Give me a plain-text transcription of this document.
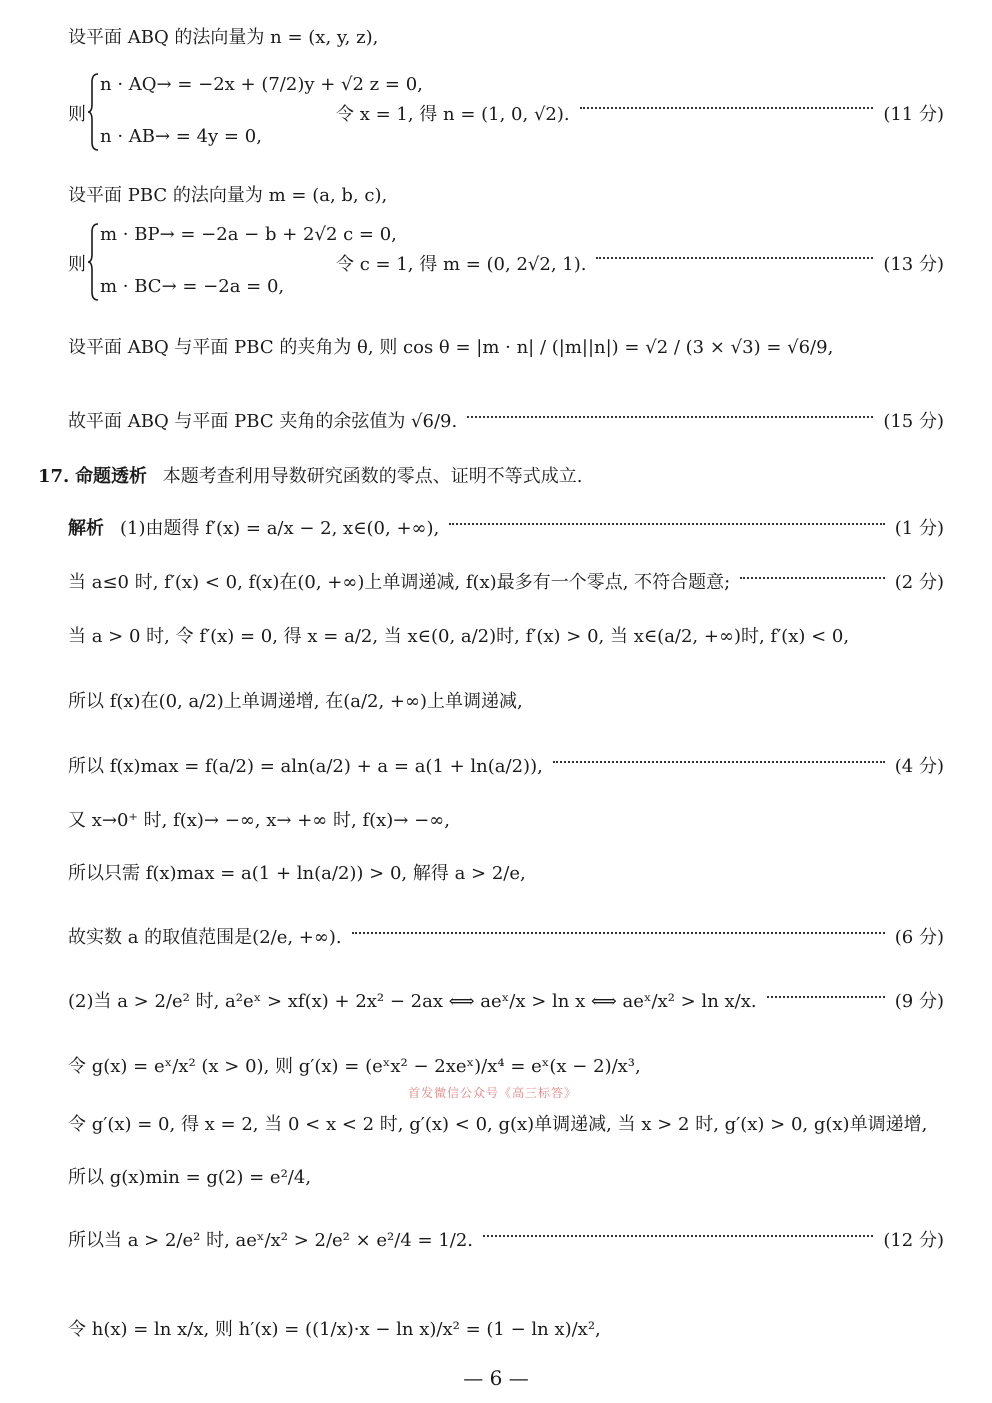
设平面 ABQ 的法向量为 n = (x, y, z),
则
n · AQ→ = −2x + (7/2)y + √2 z = 0,
n · AB→ = 4y = 0,
令 x = 1, 得 n = (1, 0, √2).	(11 分)
设平面 PBC 的法向量为 m = (a, b, c),
则
m · BP→ = −2a − b + 2√2 c = 0,
m · BC→ = −2a = 0,
令 c = 1, 得 m = (0, 2√2, 1).	(13 分)
设平面 ABQ 与平面 PBC 的夹角为 θ, 则 cos θ = |m · n| / (|m||n|) = √2 / (3 × √3) = √6/9,
故平面 ABQ 与平面 PBC 夹角的余弦值为 √6/9.	(15 分)
17. 命题透析 本题考查利用导数研究函数的零点、证明不等式成立.
解析 (1)由题得 f′(x) = a/x − 2, x∈(0, +∞),	(1 分)
当 a≤0 时, f′(x) < 0, f(x)在(0, +∞)上单调递减, f(x)最多有一个零点, 不符合题意;	(2 分)
当 a > 0 时, 令 f′(x) = 0, 得 x = a/2, 当 x∈(0, a/2)时, f′(x) > 0, 当 x∈(a/2, +∞)时, f′(x) < 0,
所以 f(x)在(0, a/2)上单调递增, 在(a/2, +∞)上单调递减,
所以 f(x)max = f(a/2) = aln(a/2) + a = a(1 + ln(a/2)),	(4 分)
又 x→0⁺ 时, f(x)→ −∞, x→ +∞ 时, f(x)→ −∞,
所以只需 f(x)max = a(1 + ln(a/2)) > 0, 解得 a > 2/e,
故实数 a 的取值范围是(2/e, +∞).	(6 分)
(2)当 a > 2/e² 时, a²eˣ > xf(x) + 2x² − 2ax ⟺ aeˣ/x > ln x ⟺ aeˣ/x² > ln x/x.	(9 分)
令 g(x) = eˣ/x² (x > 0), 则 g′(x) = (eˣx² − 2xeˣ)/x⁴ = eˣ(x − 2)/x³,
首发微信公众号《高三标答》
令 g′(x) = 0, 得 x = 2, 当 0 < x < 2 时, g′(x) < 0, g(x)单调递减, 当 x > 2 时, g′(x) > 0, g(x)单调递增,
所以 g(x)min = g(2) = e²/4,
所以当 a > 2/e² 时, aeˣ/x² > 2/e² × e²/4 = 1/2.	(12 分)
令 h(x) = ln x/x, 则 h′(x) = ((1/x)·x − ln x)/x² = (1 − ln x)/x²,
— 6 —
